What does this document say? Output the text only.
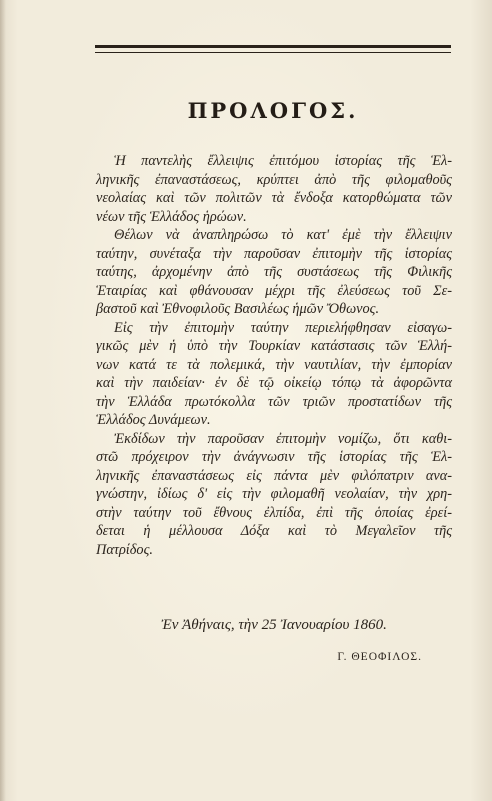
ΠΡΟΛΟΓΟΣ.
Ἡ παντελὴς ἔλλειψις ἐπιτόμου ἱστορίας τῆς Ἑλ-
ληνικῆς ἐπαναστάσεως, κρύπτει ἀπὸ τῆς φιλομαθοῦς
νεολαίας καὶ τῶν πολιτῶν τὰ ἔνδοξα κατορθώματα τῶν
νέων τῆς Ἑλλάδος ἡρώων.
Θέλων νὰ ἀναπληρώσω τὸ κατ' ἐμὲ τὴν ἔλλειψιν
ταύτην, συνέταξα τὴν παροῦσαν ἐπιτομὴν τῆς ἱστορίας
ταύτης, ἀρχομένην ἀπὸ τῆς συστάσεως τῆς Φιλικῆς
Ἑταιρίας καὶ φθάνουσαν μέχρι τῆς ἐλεύσεως τοῦ Σε-
βαστοῦ καὶ Ἐθνοφιλοῦς Βασιλέως ἡμῶν Ὄθωνος.
Εἰς τὴν ἐπιτομὴν ταύτην περιελήφθησαν εἰσαγω-
γικῶς μὲν ἡ ὑπὸ τὴν Τουρκίαν κατάστασις τῶν Ἑλλή-
νων κατά τε τὰ πολεμικά, τὴν ναυτιλίαν, τὴν ἐμπορίαν
καὶ τὴν παιδείαν· ἐν δὲ τῷ οἰκείῳ τόπῳ τὰ ἀφορῶντα
τὴν Ἑλλάδα πρωτόκολλα τῶν τριῶν προστατίδων τῆς
Ἑλλάδος Δυνάμεων.
Ἐκδίδων τὴν παροῦσαν ἐπιτομὴν νομίζω, ὅτι καθι-
στῶ πρόχειρον τὴν ἀνάγνωσιν τῆς ἱστορίας τῆς Ἑλ-
ληνικῆς ἐπαναστάσεως εἰς πάντα μὲν φιλόπατριν ανα-
γνώστην, ἰδίως δ' εἰς τὴν φιλομαθῆ νεολαίαν, τὴν χρη-
στὴν ταύτην τοῦ ἔθνους ἐλπίδα, ἐπὶ τῆς ὁποίας ἐρεί-
δεται ἡ μέλλουσα Δόξα καὶ τὸ Μεγαλεῖον τῆς
Πατρίδος.
Ἐν Ἀθήναις, τὴν 25 Ἰανουαρίου 1860.
Γ. ΘΕΟΦΙΛΟΣ.
